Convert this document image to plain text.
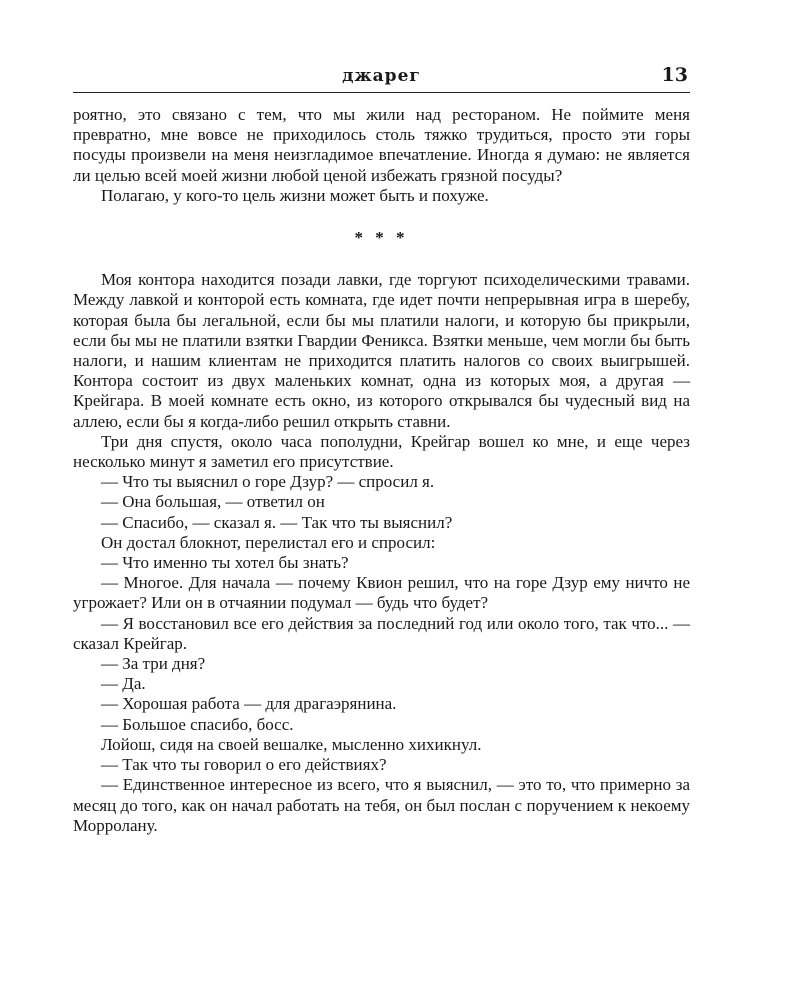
джарег	13

роятно, это связано с тем, что мы жили над рестораном. Не поймите меня превратно, мне вовсе не приходилось столь тяжко трудиться, просто эти горы посуды произвели на меня неизгладимое впечатление. Иногда я думаю: не является ли целью всей моей жизни любой ценой избежать грязной посуды?

Полагаю, у кого-то цель жизни может быть и похуже.

* * *

Моя контора находится позади лавки, где торгуют психоделическими травами. Между лавкой и конторой есть комната, где идет почти непрерывная игра в шеребу, которая была бы легальной, если бы мы платили налоги, и которую бы прикрыли, если бы мы не платили взятки Гвардии Феникса. Взятки меньше, чем могли бы быть налоги, и нашим клиентам не приходится платить налогов со своих выигрышей. Контора состоит из двух маленьких комнат, одна из которых моя, а другая — Крейгара. В моей комнате есть окно, из которого открывался бы чудесный вид на аллею, если бы я когда-либо решил открыть ставни.

Три дня спустя, около часа пополудни, Крейгар вошел ко мне, и еще через несколько минут я заметил его присутствие.

— Что ты выяснил о горе Дзур? — спросил я.

— Она большая, — ответил он

— Спасибо, — сказал я. — Так что ты выяснил?

Он достал блокнот, перелистал его и спросил:

— Что именно ты хотел бы знать?

— Многое. Для начала — почему Квион решил, что на горе Дзур ему ничто не угрожает? Или он в отчаянии подумал — будь что будет?

— Я восстановил все его действия за последний год или около того, так что... — сказал Крейгар.

— За три дня?

— Да.

— Хорошая работа — для драгаэрянина.

— Большое спасибо, босс.

Лойош, сидя на своей вешалке, мысленно хихикнул.

— Так что ты говорил о его действиях?

— Единственное интересное из всего, что я выяснил, — это то, что примерно за месяц до того, как он начал работать на тебя, он был послан с поручением к некоему Морролану.
